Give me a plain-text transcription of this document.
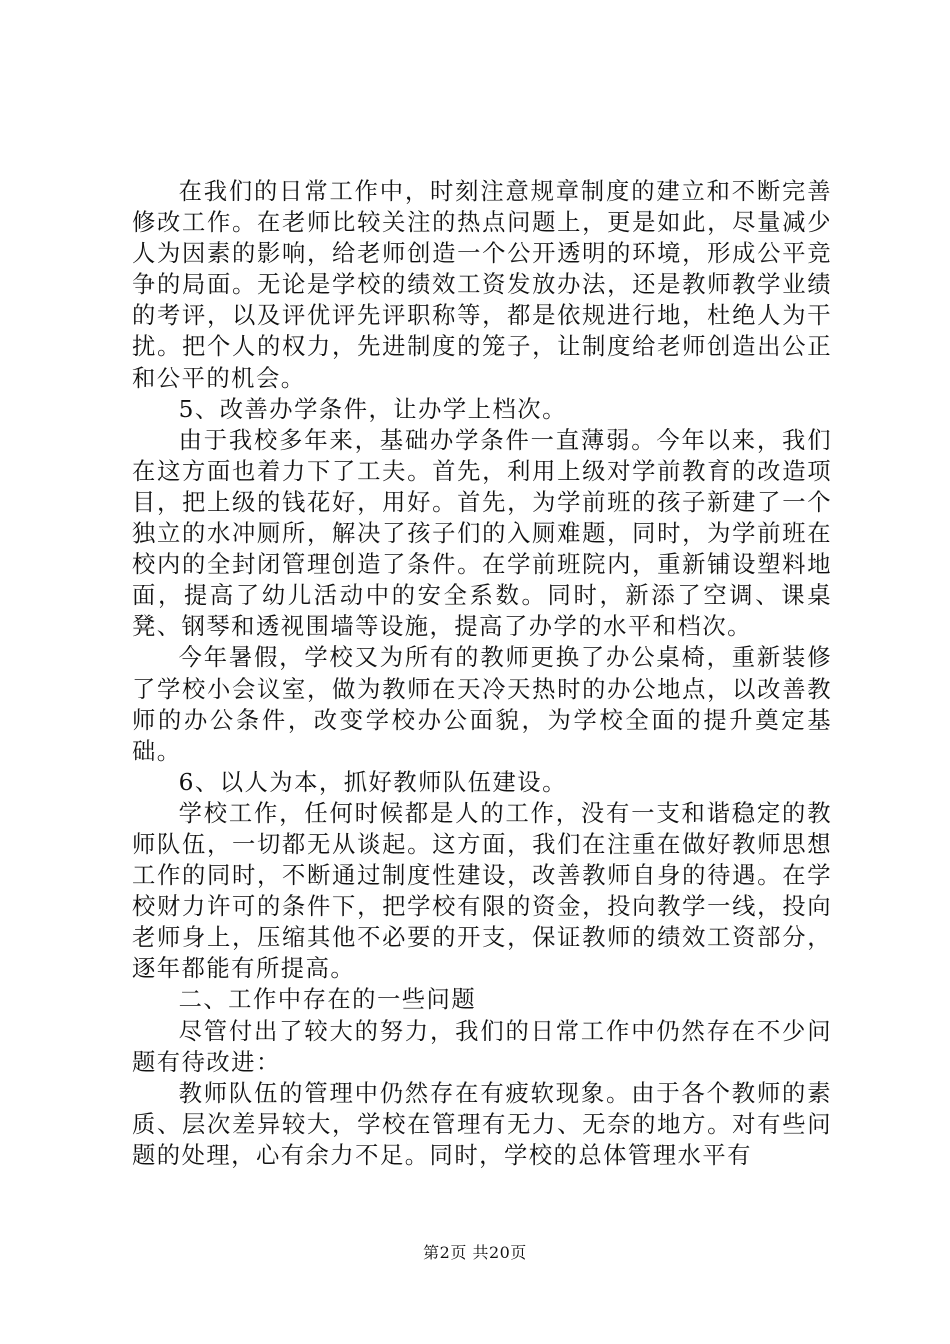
在我们的日常工作中，时刻注意规章制度的建立和不断完善修改工作。在老师比较关注的热点问题上，更是如此，尽量减少人为因素的影响，给老师创造一个公开透明的环境，形成公平竞争的局面。无论是学校的绩效工资发放办法，还是教师教学业绩的考评，以及评优评先评职称等，都是依规进行地，杜绝人为干扰。把个人的权力，先进制度的笼子，让制度给老师创造出公正和公平的机会。

5、改善办学条件，让办学上档次。

由于我校多年来，基础办学条件一直薄弱。今年以来，我们在这方面也着力下了工夫。首先，利用上级对学前教育的改造项目，把上级的钱花好，用好。首先，为学前班的孩子新建了一个独立的水冲厕所，解决了孩子们的入厕难题，同时，为学前班在校内的全封闭管理创造了条件。在学前班院内，重新铺设塑料地面，提高了幼儿活动中的安全系数。同时，新添了空调、课桌凳、钢琴和透视围墙等设施，提高了办学的水平和档次。

今年暑假，学校又为所有的教师更换了办公桌椅，重新装修了学校小会议室，做为教师在天冷天热时的办公地点，以改善教师的办公条件，改变学校办公面貌，为学校全面的提升奠定基础。

6、以人为本，抓好教师队伍建设。

学校工作，任何时候都是人的工作，没有一支和谐稳定的教师队伍，一切都无从谈起。这方面，我们在注重在做好教师思想工作的同时，不断通过制度性建设，改善教师自身的待遇。在学校财力许可的条件下，把学校有限的资金，投向教学一线，投向老师身上，压缩其他不必要的开支，保证教师的绩效工资部分，逐年都能有所提高。

二、工作中存在的一些问题

尽管付出了较大的努力，我们的日常工作中仍然存在不少问题有待改进：

教师队伍的管理中仍然存在有疲软现象。由于各个教师的素质、层次差异较大，学校在管理有无力、无奈的地方。对有些问题的处理，心有余力不足。同时，学校的总体管理水平有

第2页 共20页
